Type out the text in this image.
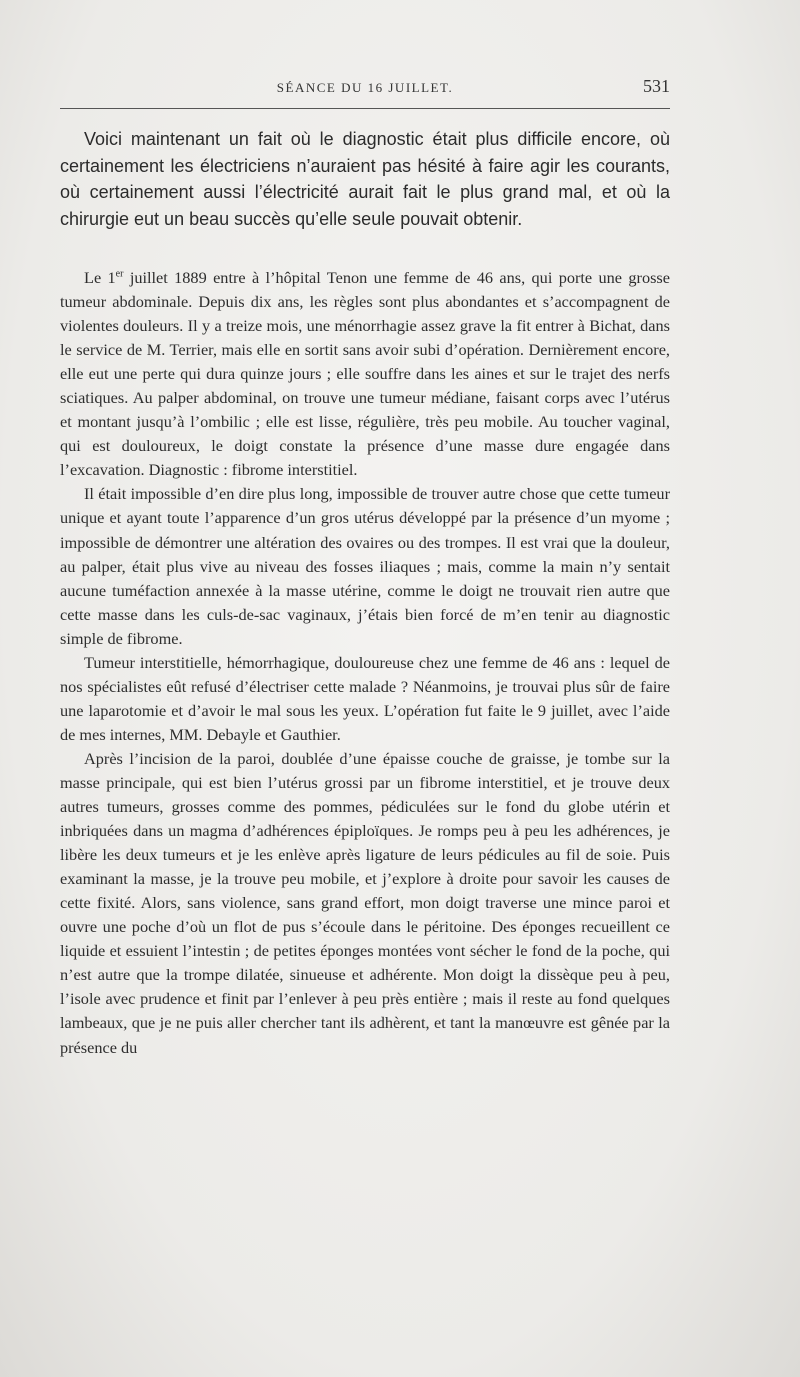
SÉANCE DU 16 JUILLET.	531

Voici maintenant un fait où le diagnostic était plus difficile encore, où certainement les électriciens n’auraient pas hésité à faire agir les courants, où certainement aussi l’électricité aurait fait le plus grand mal, et où la chirurgie eut un beau succès qu’elle seule pouvait obtenir.

Le 1er juillet 1889 entre à l’hôpital Tenon une femme de 46 ans, qui porte une grosse tumeur abdominale. Depuis dix ans, les règles sont plus abondantes et s’accompagnent de violentes douleurs. Il y a treize mois, une ménorrhagie assez grave la fit entrer à Bichat, dans le service de M. Terrier, mais elle en sortit sans avoir subi d’opération. Dernièrement encore, elle eut une perte qui dura quinze jours ; elle souffre dans les aines et sur le trajet des nerfs sciatiques. Au palper abdominal, on trouve une tumeur médiane, faisant corps avec l’utérus et montant jusqu’à l’ombilic ; elle est lisse, régulière, très peu mobile. Au toucher vaginal, qui est douloureux, le doigt constate la présence d’une masse dure engagée dans l’excavation. Diagnostic : fibrome interstitiel.

Il était impossible d’en dire plus long, impossible de trouver autre chose que cette tumeur unique et ayant toute l’apparence d’un gros utérus développé par la présence d’un myome ; impossible de démontrer une altération des ovaires ou des trompes. Il est vrai que la douleur, au palper, était plus vive au niveau des fosses iliaques ; mais, comme la main n’y sentait aucune tuméfaction annexée à la masse utérine, comme le doigt ne trouvait rien autre que cette masse dans les culs-de-sac vaginaux, j’étais bien forcé de m’en tenir au diagnostic simple de fibrome.

Tumeur interstitielle, hémorrhagique, douloureuse chez une femme de 46 ans : lequel de nos spécialistes eût refusé d’électriser cette malade ? Néanmoins, je trouvai plus sûr de faire une laparotomie et d’avoir le mal sous les yeux. L’opération fut faite le 9 juillet, avec l’aide de mes internes, MM. Debayle et Gauthier.

Après l’incision de la paroi, doublée d’une épaisse couche de graisse, je tombe sur la masse principale, qui est bien l’utérus grossi par un fibrome interstitiel, et je trouve deux autres tumeurs, grosses comme des pommes, pédiculées sur le fond du globe utérin et inbriquées dans un magma d’adhérences épiploïques. Je romps peu à peu les adhérences, je libère les deux tumeurs et je les enlève après ligature de leurs pédicules au fil de soie. Puis examinant la masse, je la trouve peu mobile, et j’explore à droite pour savoir les causes de cette fixité. Alors, sans violence, sans grand effort, mon doigt traverse une mince paroi et ouvre une poche d’où un flot de pus s’écoule dans le péritoine. Des éponges recueillent ce liquide et essuient l’intestin ; de petites éponges montées vont sécher le fond de la poche, qui n’est autre que la trompe dilatée, sinueuse et adhérente. Mon doigt la dissèque peu à peu, l’isole avec prudence et finit par l’enlever à peu près entière ; mais il reste au fond quelques lambeaux, que je ne puis aller chercher tant ils adhèrent, et tant la manœuvre est gênée par la présence du
